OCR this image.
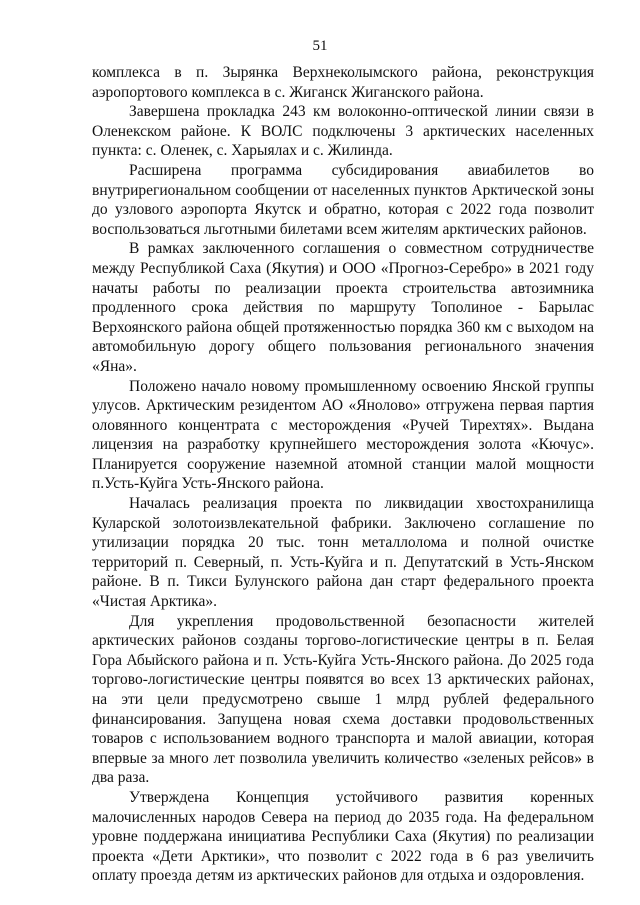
51

комплекса в п. Зырянка Верхнеколымского района, реконструкция аэропортового комплекса в с. Жиганск Жиганского района.

Завершена прокладка 243 км волоконно-оптической линии связи в Оленекском районе. К ВОЛС подключены 3 арктических населенных пункта: с. Оленек, с. Харыялах и с. Жилинда.

Расширена программа субсидирования авиабилетов во внутрирегиональном сообщении от населенных пунктов Арктической зоны до узлового аэропорта Якутск и обратно, которая с 2022 года позволит воспользоваться льготными билетами всем жителям арктических районов.

В рамках заключенного соглашения о совместном сотрудничестве между Республикой Саха (Якутия) и ООО «Прогноз-Серебро» в 2021 году начаты работы по реализации проекта строительства автозимника продленного срока действия по маршруту Тополиное - Барылас Верхоянского района общей протяженностью порядка 360 км с выходом на автомобильную дорогу общего пользования регионального значения «Яна».

Положено начало новому промышленному освоению Янской группы улусов. Арктическим резидентом АО «Янолово» отгружена первая партия оловянного концентрата с месторождения «Ручей Тирехтях». Выдана лицензия на разработку крупнейшего месторождения золота «Кючус». Планируется сооружение наземной атомной станции малой мощности п.Усть-Куйга Усть-Янского района.

Началась реализация проекта по ликвидации хвостохранилища Куларской золотоизвлекательной фабрики. Заключено соглашение по утилизации порядка 20 тыс. тонн металлолома и полной очистке территорий п. Северный, п. Усть-Куйга и п. Депутатский в Усть-Янском районе. В п. Тикси Булунского района дан старт федерального проекта «Чистая Арктика».

Для укрепления продовольственной безопасности жителей арктических районов созданы торгово-логистические центры в п. Белая Гора Абыйского района и п. Усть-Куйга Усть-Янского района. До 2025 года торгово-логистические центры появятся во всех 13 арктических районах, на эти цели предусмотрено свыше 1 млрд рублей федерального финансирования. Запущена новая схема доставки продовольственных товаров с использованием водного транспорта и малой авиации, которая впервые за много лет позволила увеличить количество «зеленых рейсов» в два раза.

Утверждена Концепция устойчивого развития коренных малочисленных народов Севера на период до 2035 года. На федеральном уровне поддержана инициатива Республики Саха (Якутия) по реализации проекта «Дети Арктики», что позволит с 2022 года в 6 раз увеличить оплату проезда детям из арктических районов для отдыха и оздоровления.
